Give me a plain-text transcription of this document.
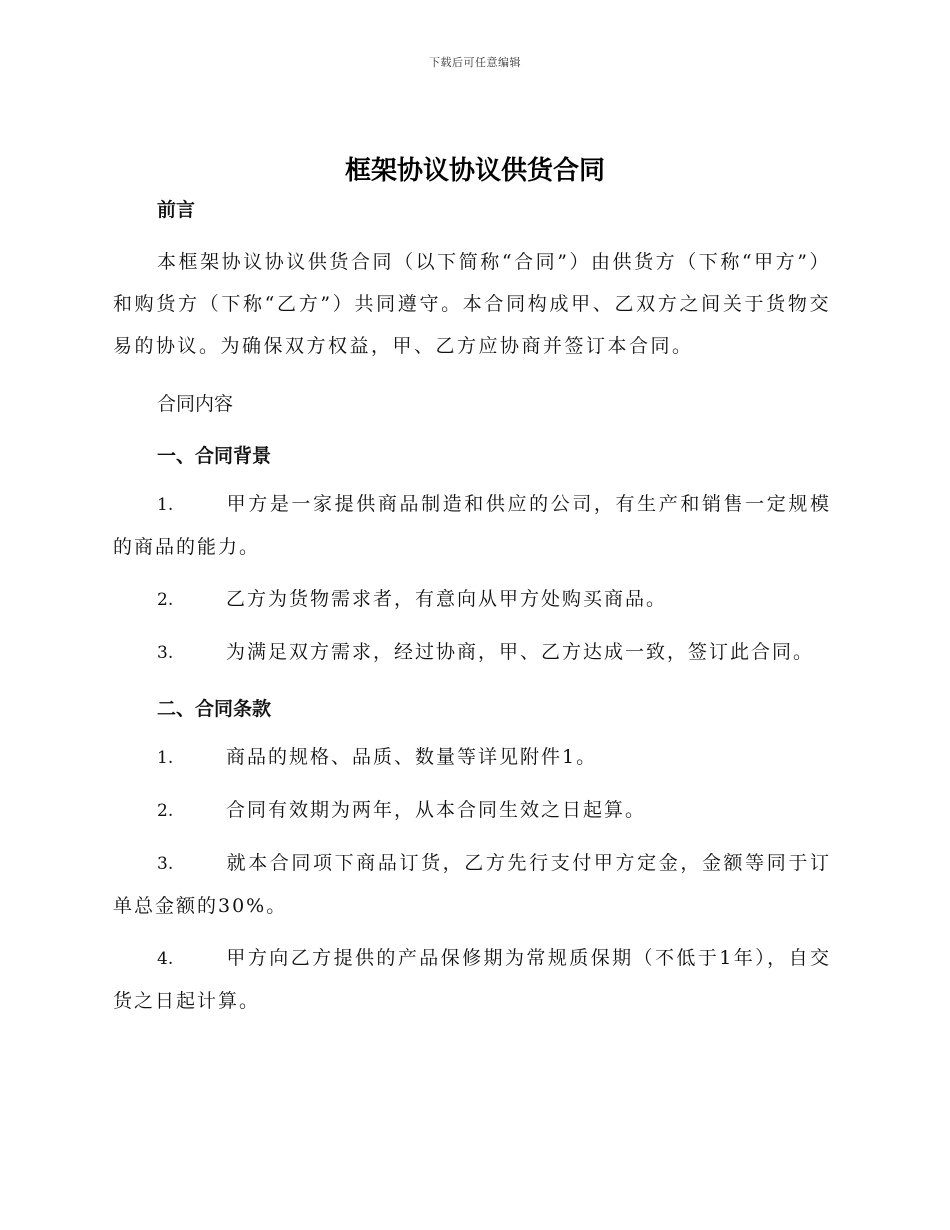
下载后可任意编辑
框架协议协议供货合同

前言

本框架协议协议供货合同（以下简称“合同”）由供货方（下称“甲方”）和购货方（下称“乙方”）共同遵守。本合同构成甲、乙双方之间关于货物交易的协议。为确保双方权益，甲、乙方应协商并签订本合同。

合同内容

一、合同背景

1.	甲方是一家提供商品制造和供应的公司，有生产和销售一定规模的商品的能力。

2.	乙方为货物需求者，有意向从甲方处购买商品。

3.	为满足双方需求，经过协商，甲、乙方达成一致，签订此合同。

二、合同条款

1.	商品的规格、品质、数量等详见附件1。

2.	合同有效期为两年，从本合同生效之日起算。

3.	就本合同项下商品订货，乙方先行支付甲方定金，金额等同于订单总金额的30%。

4.	甲方向乙方提供的产品保修期为常规质保期（不低于1年），自交货之日起计算。
